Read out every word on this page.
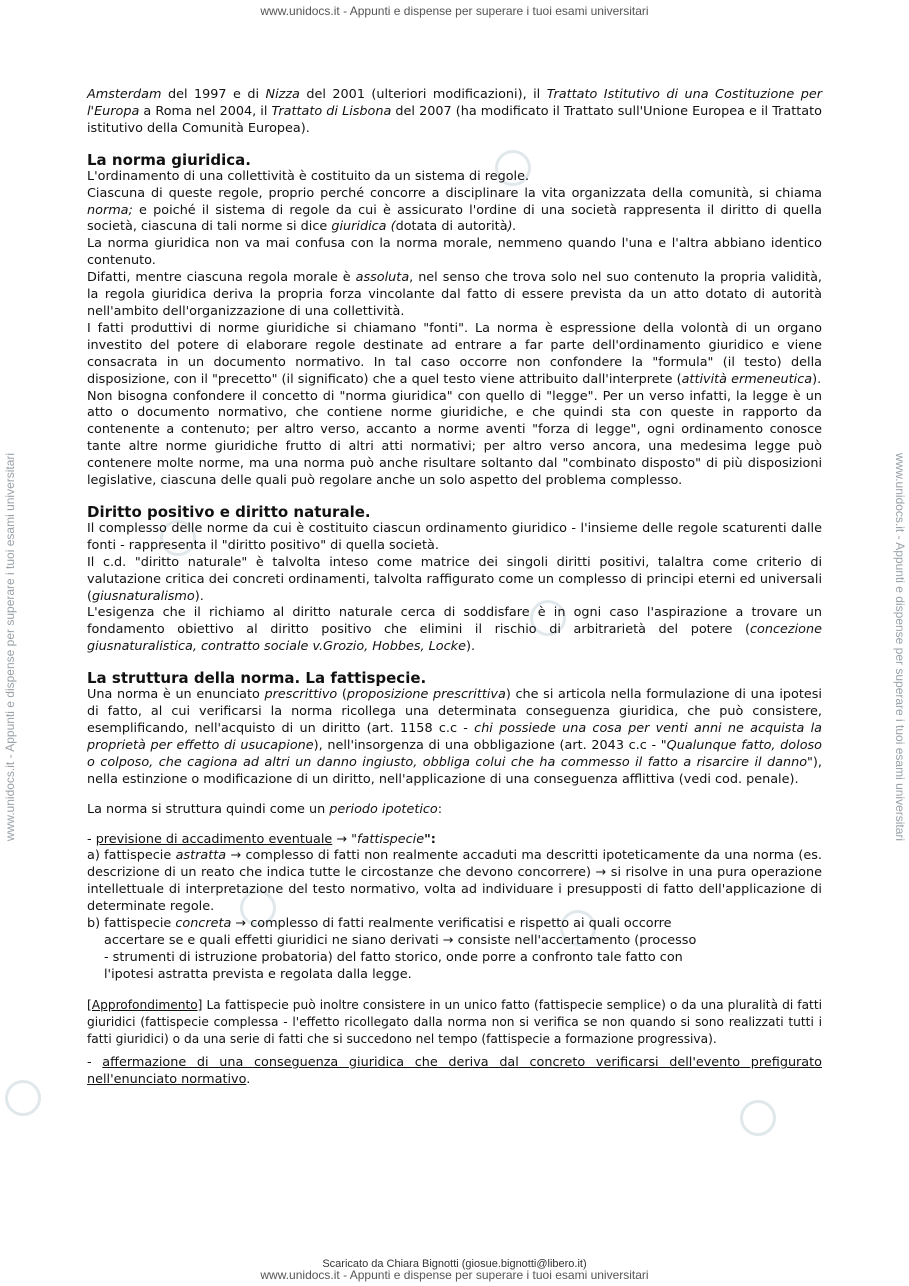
www.unidocs.it - Appunti e dispense per superare i tuoi esami universitari
www.unidocs.it - Appunti e dispense per superare i tuoi esami universitari
www.unidocs.it - Appunti e dispense per superare i tuoi esami universitari	www.unidocs.it - Appunti e dispense per superare i tuoi esami universitari

Amsterdam del 1997 e di Nizza del 2001 (ulteriori modificazioni), il Trattato Istitutivo di una Costituzione per l'Europa a Roma nel 2004, il Trattato di Lisbona del 2007 (ha modificato il Trattato sull'Unione Europea e il Trattato istitutivo della Comunità Europea).

La norma giuridica.

L'ordinamento di una collettività è costituito da un sistema di regole.

Ciascuna di queste regole, proprio perché concorre a disciplinare la vita organizzata della comunità, si chiama norma; e poiché il sistema di regole da cui è assicurato l'ordine di una società rappresenta il diritto di quella società, ciascuna di tali norme si dice giuridica (dotata di autorità).

La norma giuridica non va mai confusa con la norma morale, nemmeno quando l'una e l'altra abbiano identico contenuto.

Difatti, mentre ciascuna regola morale è assoluta, nel senso che trova solo nel suo contenuto la propria validità, la regola giuridica deriva la propria forza vincolante dal fatto di essere prevista da un atto dotato di autorità nell'ambito dell'organizzazione di una collettività.

I fatti produttivi di norme giuridiche si chiamano "fonti". La norma è espressione della volontà di un organo investito del potere di elaborare regole destinate ad entrare a far parte dell'ordinamento giuridico e viene consacrata in un documento normativo. In tal caso occorre non confondere la "formula" (il testo) della disposizione, con il "precetto" (il significato) che a quel testo viene attribuito dall'interprete (attività ermeneutica).

Non bisogna confondere il concetto di "norma giuridica" con quello di "legge". Per un verso infatti, la legge è un atto o documento normativo, che contiene norme giuridiche, e che quindi sta con queste in rapporto da contenente a contenuto; per altro verso, accanto a norme aventi "forza di legge", ogni ordinamento conosce tante altre norme giuridiche frutto di altri atti normativi; per altro verso ancora, una medesima legge può contenere molte norme, ma una norma può anche risultare soltanto dal "combinato disposto" di più disposizioni legislative, ciascuna delle quali può regolare anche un solo aspetto del problema complesso.

Diritto positivo e diritto naturale.

Il complesso delle norme da cui è costituito ciascun ordinamento giuridico - l'insieme delle regole scaturenti dalle fonti - rappresenta il "diritto positivo" di quella società.

Il c.d. "diritto naturale" è talvolta inteso come matrice dei singoli diritti positivi, talaltra come criterio di valutazione critica dei concreti ordinamenti, talvolta raffigurato come un complesso di principi eterni ed universali (giusnaturalismo).

L'esigenza che il richiamo al diritto naturale cerca di soddisfare è in ogni caso l'aspirazione a trovare un fondamento obiettivo al diritto positivo che elimini il rischio di arbitrarietà del potere (concezione giusnaturalistica, contratto sociale v.Grozio, Hobbes, Locke).

La struttura della norma. La fattispecie.

Una norma è un enunciato prescrittivo (proposizione prescrittiva) che si articola nella formulazione di una ipotesi di fatto, al cui verificarsi la norma ricollega una determinata conseguenza giuridica, che può consistere, esemplificando, nell'acquisto di un diritto (art. 1158 c.c - chi possiede una cosa per venti anni ne acquista la proprietà per effetto di usucapione), nell'insorgenza di una obbligazione (art. 2043 c.c - "Qualunque fatto, doloso o colposo, che cagiona ad altri un danno ingiusto, obbliga colui che ha commesso il fatto a risarcire il danno"), nella estinzione o modificazione di un diritto, nell'applicazione di una conseguenza afflittiva (vedi cod. penale).

La norma si struttura quindi come un periodo ipotetico:

- previsione di accadimento eventuale → "fattispecie":

a) fattispecie astratta → complesso di fatti non realmente accaduti ma descritti ipoteticamente da una norma (es. descrizione di un reato che indica tutte le circostanze che devono concorrere) → si risolve in una pura operazione intellettuale di interpretazione del testo normativo, volta ad individuare i presupposti di fatto dell'applicazione di determinate regole.

b) fattispecie concreta → complesso di fatti realmente verificatisi e rispetto ai quali occorre

accertare se e quali effetti giuridici ne siano derivati → consiste nell'accertamento (processo

- strumenti di istruzione probatoria) del fatto storico, onde porre a confronto tale fatto con

l'ipotesi astratta prevista e regolata dalla legge.

[Approfondimento] La fattispecie può inoltre consistere in un unico fatto (fattispecie semplice) o da una pluralità di fatti giuridici (fattispecie complessa - l'effetto ricollegato dalla norma non si verifica se non quando si sono realizzati tutti i fatti giuridici) o da una serie di fatti che si succedono nel tempo (fattispecie a formazione progressiva).

- affermazione di una conseguenza giuridica che deriva dal concreto verificarsi dell'evento prefigurato nell'enunciato normativo.

Scaricato da Chiara Bignotti (giosue.bignotti@libero.it)
